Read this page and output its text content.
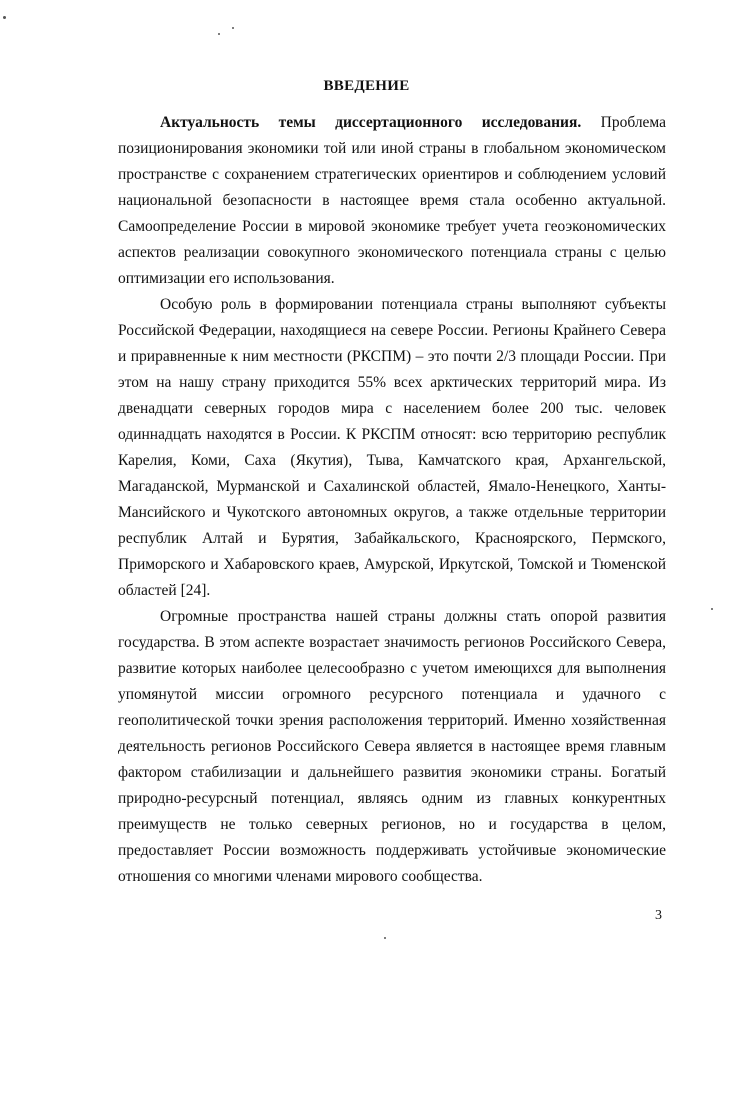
ВВЕДЕНИЕ
Актуальность темы диссертационного исследования. Проблема
позиционирования экономики той или иной страны в глобальном экономическом
пространстве с сохранением стратегических ориентиров и соблюдением условий
национальной безопасности в настоящее время стала особенно актуальной.
Самоопределение России в мировой экономике требует учета геоэкономических
аспектов реализации совокупного экономического потенциала страны с целью
оптимизации его использования.
Особую роль в формировании потенциала страны выполняют субъекты
Российской Федерации, находящиеся на севере России. Регионы Крайнего Севера
и приравненные к ним местности (РКСПМ) – это почти 2/3 площади России. При
этом на нашу страну приходится 55% всех арктических территорий мира. Из
двенадцати северных городов мира с населением более 200 тыс. человек
одиннадцать находятся в России. К РКСПМ относят: всю территорию республик
Карелия, Коми, Саха (Якутия), Тыва, Камчатского края, Архангельской,
Магаданской, Мурманской и Сахалинской областей, Ямало-Ненецкого, Ханты-
Мансийского и Чукотского автономных округов, а также отдельные территории
республик Алтай и Бурятия, Забайкальского, Красноярского, Пермского,
Приморского и Хабаровского краев, Амурской, Иркутской, Томской и Тюменской
областей [24].
Огромные пространства нашей страны должны стать опорой развития
государства. В этом аспекте возрастает значимость регионов Российского Севера,
развитие которых наиболее целесообразно с учетом имеющихся для выполнения
упомянутой миссии огромного ресурсного потенциала и удачного с
геополитической точки зрения расположения территорий. Именно хозяйственная
деятельность регионов Российского Севера является в настоящее время главным
фактором стабилизации и дальнейшего развития экономики страны. Богатый
природно-ресурсный потенциал, являясь одним из главных конкурентных
преимуществ не только северных регионов, но и государства в целом,
предоставляет России возможность поддерживать устойчивые экономические
отношения со многими членами мирового сообщества.
3
